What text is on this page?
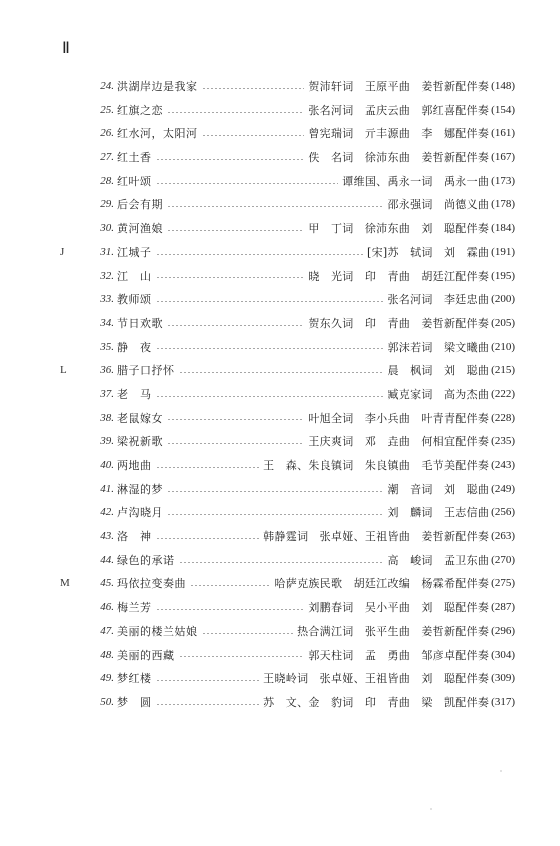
Ⅱ
24. 洪湖岸边是我家	贺沛轩词　王原平曲　姜哲新配伴奏 (148)
25. 红旗之恋	张名河词　孟庆云曲　郭红喜配伴奏 (154)
26. 红水河，太阳河	曾宪瑞词　亓丰源曲　李　娜配伴奏 (161)
27. 红土香	佚　名词　徐沛东曲　姜哲新配伴奏 (167)
28. 红叶颂	谭维国、禹永一词　禹永一曲 (173)
29. 后会有期	邵永强词　尚德义曲 (178)
30. 黄河渔娘	甲　丁词　徐沛东曲　刘　聪配伴奏 (184)
J	31. 江城子	[宋]苏　轼词　刘　霖曲 (191)
32. 江　山	晓　光词　印　青曲　胡廷江配伴奏 (195)
33. 教师颂	张名河词　李廷忠曲 (200)
34. 节日欢歌	贺东久词　印　青曲　姜哲新配伴奏 (205)
35. 静　夜	郭沫若词　梁文曦曲 (210)
L	36. 腊子口抒怀	晨　枫词　刘　聪曲 (215)
37. 老　马	臧克家词　高为杰曲 (222)
38. 老鼠嫁女	叶旭全词　李小兵曲　叶青青配伴奏 (228)
39. 梁祝新歌	王庆爽词　邓　垚曲　何相宜配伴奏 (235)
40. 两地曲	王　森、朱良镇词　朱良镇曲　毛节美配伴奏 (243)
41. 淋湿的梦	潮　音词　刘　聪曲 (249)
42. 卢沟晓月	刘　麟词　王志信曲 (256)
43. 洛　神	韩静霆词　张卓娅、王祖皆曲　姜哲新配伴奏 (263)
44. 绿色的承诺	高　峻词　孟卫东曲 (270)
M	45. 玛依拉变奏曲	哈萨克族民歌　胡廷江改编　杨霖希配伴奏 (275)
46. 梅兰芳	刘鹏春词　吴小平曲　刘　聪配伴奏 (287)
47. 美丽的楼兰姑娘	热合满江词　张平生曲　姜哲新配伴奏 (296)
48. 美丽的西藏	郭天柱词　孟　勇曲　邹彦卓配伴奏 (304)
49. 梦红楼	王晓岭词　张卓娅、王祖皆曲　刘　聪配伴奏 (309)
50. 梦　圆	苏　文、金　豹词　印　青曲　梁　凯配伴奏 (317)
